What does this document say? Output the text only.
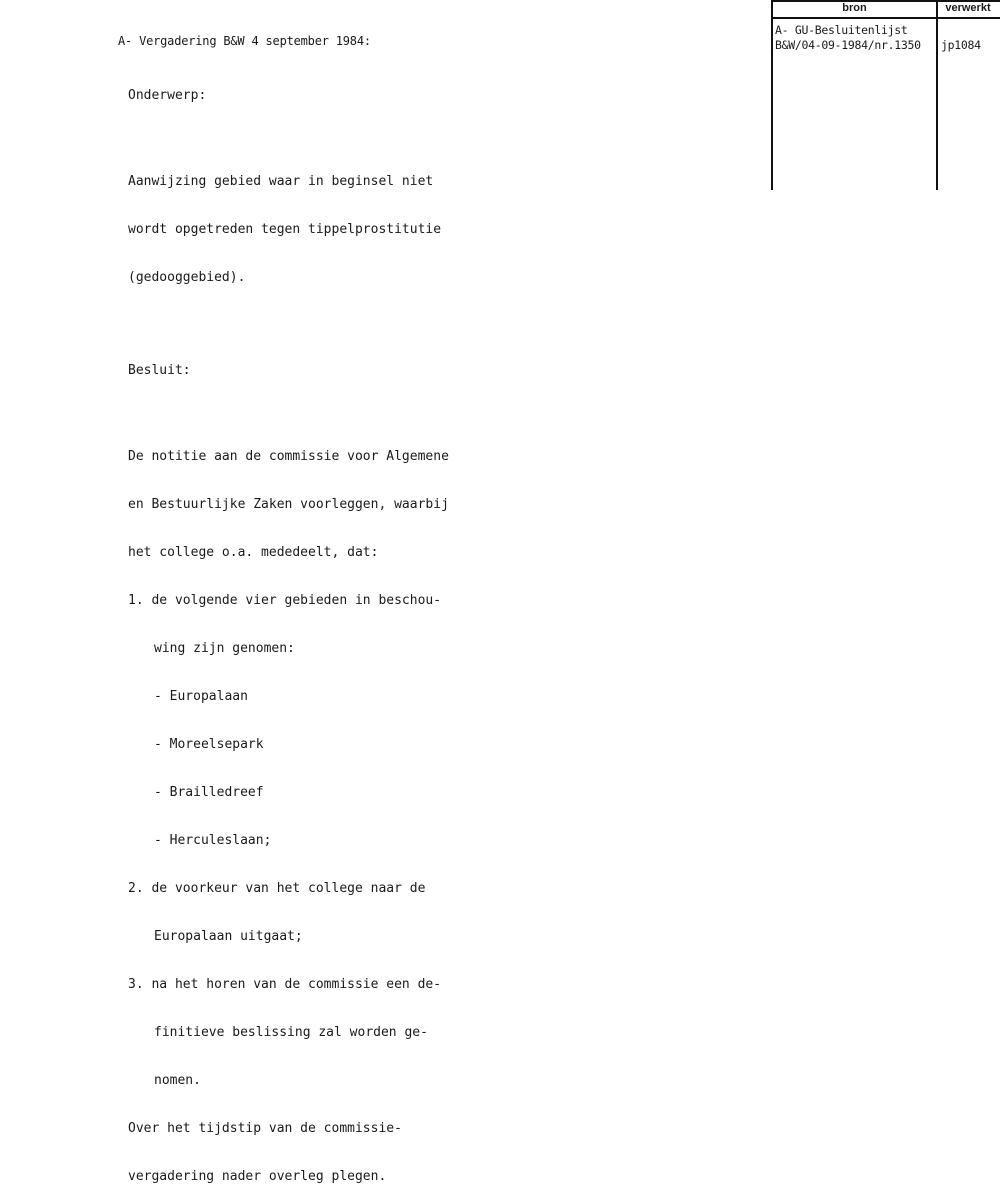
A- Vergadering B&W 4 september 1984:

Onderwerp:

Aanwijzing gebied waar in beginsel niet

wordt opgetreden tegen tippelprostitutie

(gedooggebied).

Besluit:

De notitie aan de commissie voor Algemene

en Bestuurlijke Zaken voorleggen, waarbij

het college o.a. mededeelt, dat:

1. de volgende vier gebieden in beschou-

wing zijn genomen:

- Europalaan

- Moreelsepark

- Brailledreef

- Herculeslaan;

2. de voorkeur van het college naar de

Europalaan uitgaat;

3. na het horen van de commissie een de-

finitieve beslissing zal worden ge-

nomen.

Over het tijdstip van de commissie-

vergadering nader overleg plegen.

bron	verwerkt
A- GU-Besluitenlijst
B&W/04-09-1984/nr.1350 jp1084
